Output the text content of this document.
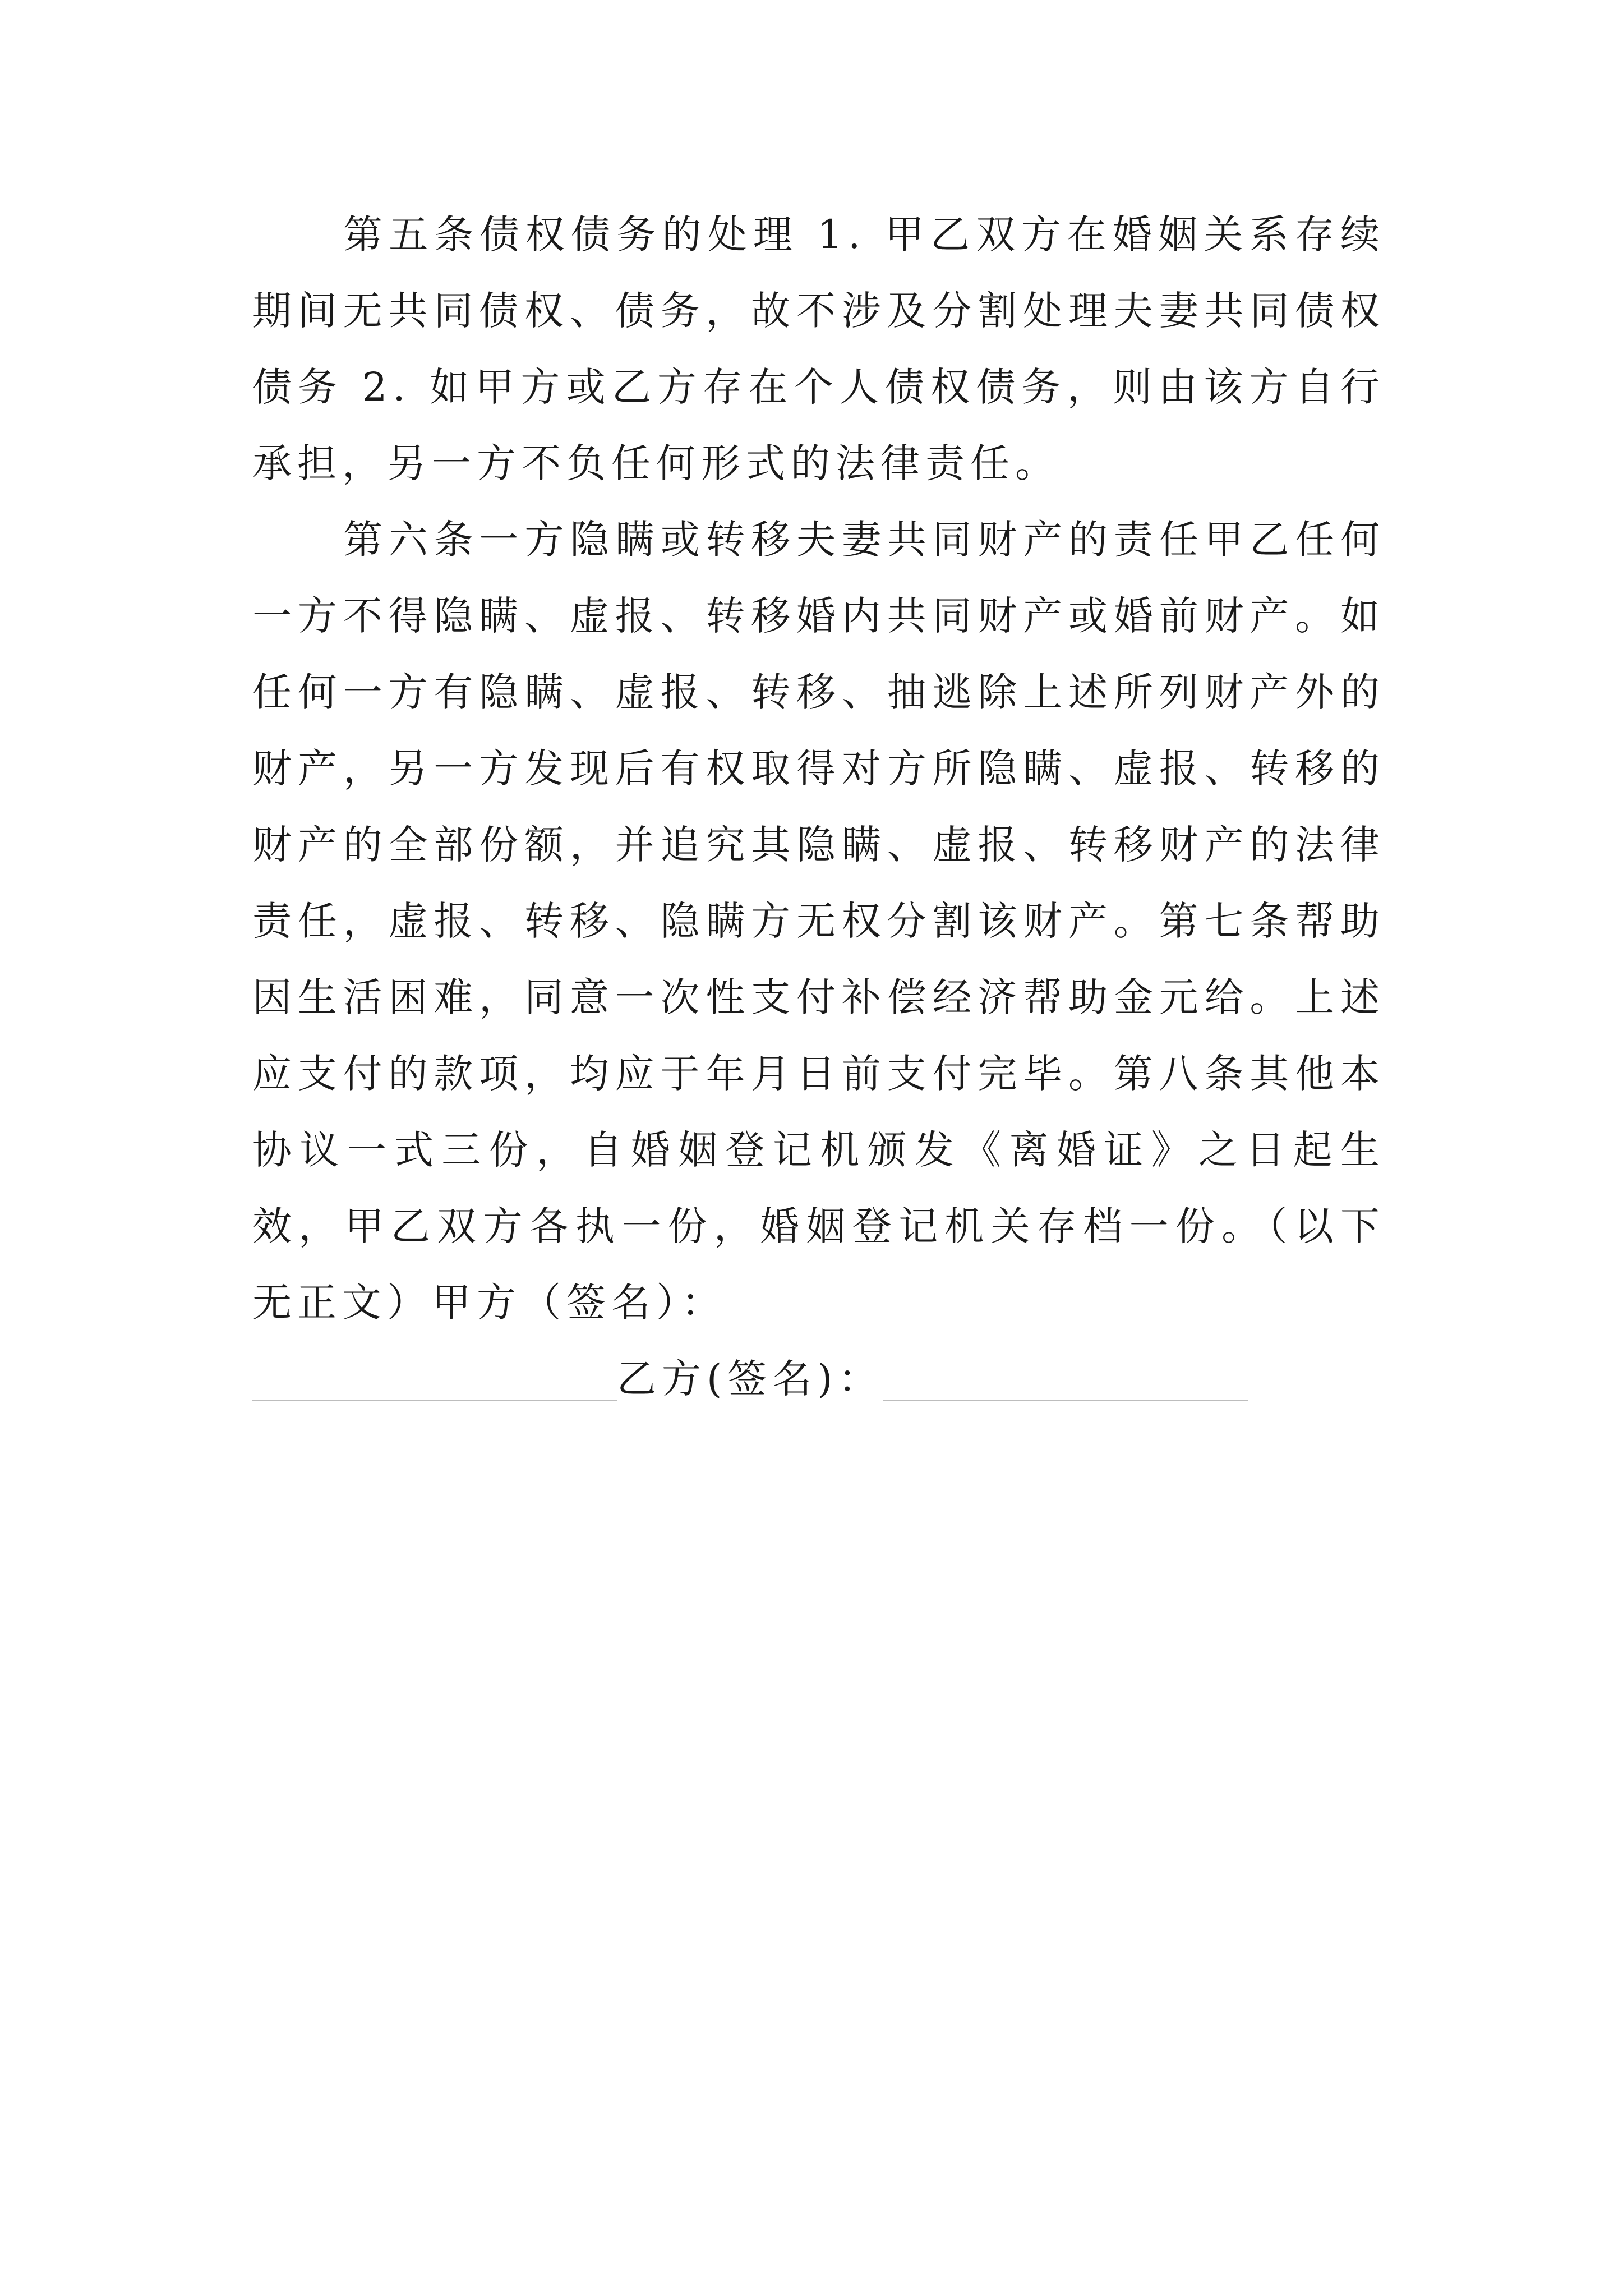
第五条债权债务的处理 1. 甲乙双方在婚姻关系存续期间无共同债权、债务，故不涉及分割处理夫妻共同债权债务 2. 如甲方或乙方存在个人债权债务，则由该方自行承担，另一方不负任何形式的法律责任。

第六条一方隐瞒或转移夫妻共同财产的责任甲乙任何一方不得隐瞒、虚报、转移婚内共同财产或婚前财产。如任何一方有隐瞒、虚报、转移、抽逃除上述所列财产外的财产，另一方发现后有权取得对方所隐瞒、虚报、转移的财产的全部份额，并追究其隐瞒、虚报、转移财产的法律责任，虚报、转移、隐瞒方无权分割该财产。第七条帮助因生活困难，同意一次性支付补偿经济帮助金元给。上述应支付的款项，均应于年月日前支付完毕。第八条其他本协议一式三份，自婚姻登记机颁发《离婚证》之日起生效，甲乙双方各执一份，婚姻登记机关存档一份。（以下无正文）甲方（签名）：

乙方(签名)：
